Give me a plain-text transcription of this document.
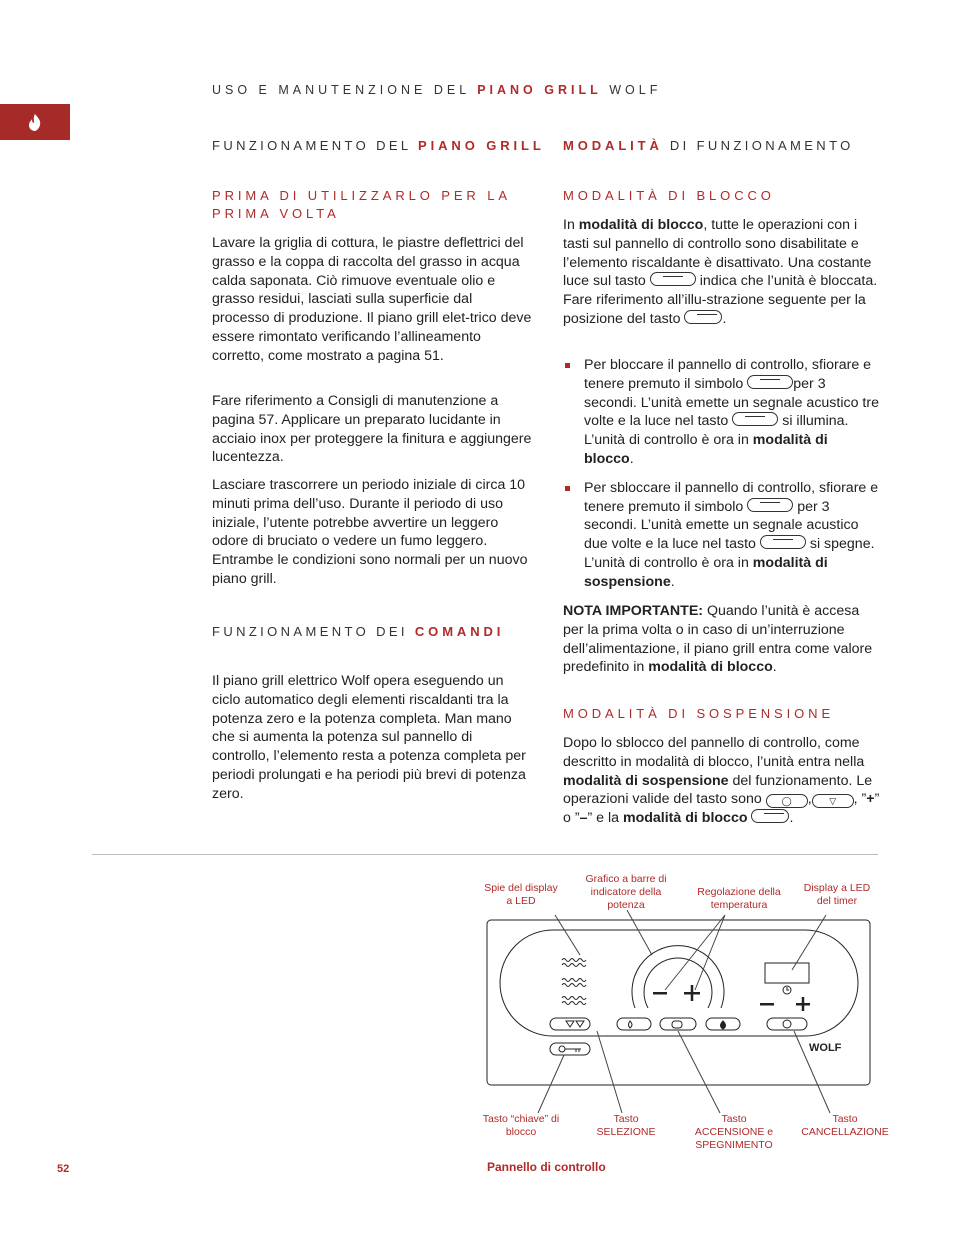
USO E MANUTENZIONE DEL PIANO GRILL WOLF
FUNZIONAMENTO DEL PIANO GRILL
PRIMA DI UTILIZZARLO PER LA PRIMA VOLTA
Lavare la griglia di cottura, le piastre deflettrici del grasso e la coppa di raccolta del grasso in acqua calda saponata. Ciò rimuove eventuale olio e grasso residui, lasciati sulla superficie dal processo di produzione. Il piano grill elet-trico deve essere rimontato verificando l’allineamento corretto, come mostrato a pagina 51.
Fare riferimento a Consigli di manutenzione a pagina 57. Applicare un preparato lucidante in acciaio inox per proteggere la finitura e aggiungere lucentezza.
Lasciare trascorrere un periodo iniziale di circa 10 minuti prima dell’uso. Durante il periodo di uso iniziale, l’utente potrebbe avvertire un leggero odore di bruciato o vedere un fumo leggero. Entrambe le condizioni sono normali per un nuovo piano grill.
FUNZIONAMENTO DEI COMANDI
Il piano grill elettrico Wolf opera eseguendo un ciclo automatico degli elementi riscaldanti tra la potenza zero e la potenza completa. Man mano che si aumenta la potenza sul pannello di controllo, l’elemento resta a potenza completa per periodi prolungati e ha periodi più brevi di potenza zero.
MODALITÀ DI FUNZIONAMENTO
MODALITÀ DI BLOCCO
In modalità di blocco, tutte le operazioni con i tasti sul pannello di controllo sono disabilitate e l’elemento riscaldante è disattivato. Una costante luce sul tasto	indica che l’unità è bloccata. Fare riferimento all’illu-strazione seguente per la posizione del tasto	.
Per bloccare il pannello di controllo, sfiorare e tenere premuto il simbolo	per 3 secondi. L’unità emette un segnale acustico tre volte e la luce nel tasto	si illumina. L’unità di controllo è ora in modalità di blocco.
Per sbloccare il pannello di controllo, sfiorare e tenere premuto il simbolo	per 3 secondi. L’unità emette un segnale acustico due volte e la luce nel tasto	si spegne. L’unità di controllo è ora in modalità di sospensione.
NOTA IMPORTANTE: Quando l’unità è accesa per la prima volta o in caso di un’interruzione dell’alimentazione, il piano grill entra come valore predefinito in modalità di blocco.
MODALITÀ DI SOSPENSIONE
Dopo lo sblocco del pannello di controllo, come descritto in modalità di blocco, l’unità entra nella modalità di sospensione del funzionamento. Le operazioni valide del tasto sono ◯ , ▽ , ”+” o ”–” e la modalità di blocco	.
Spie del display a LED
Grafico a barre di indicatore della potenza
Regolazione della temperatura
Display a LED del timer
Tasto “chiave” di blocco
Tasto SELEZIONE
Tasto ACCENSIONE e SPEGNIMENTO
Tasto CANCELLAZIONE
WOLF
Pannello di controllo
52
